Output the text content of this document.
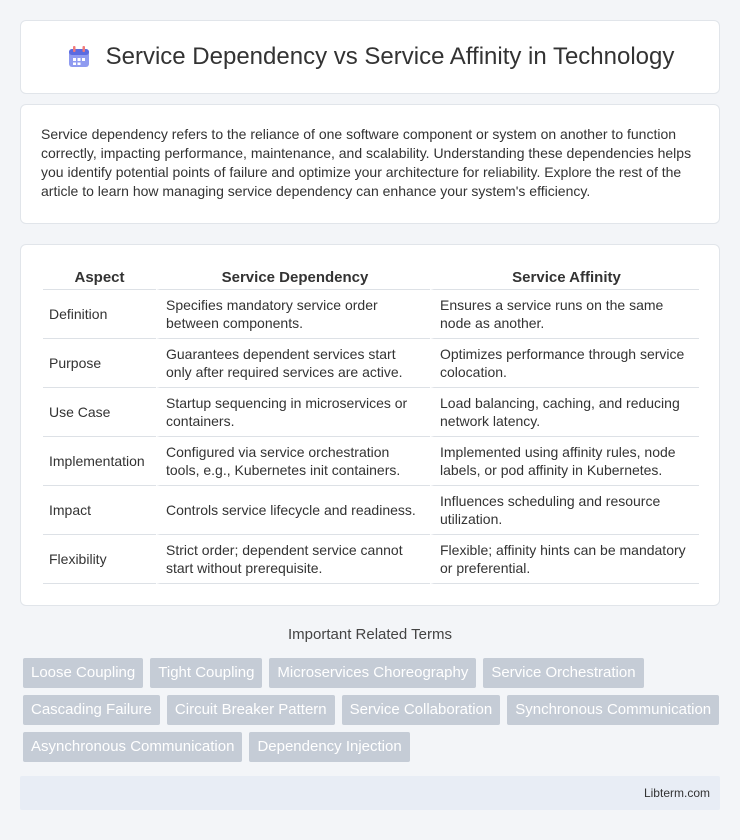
Service Dependency vs Service Affinity in Technology

Service dependency refers to the reliance of one software component or system on another to function correctly, impacting performance, maintenance, and scalability. Understanding these dependencies helps you identify potential points of failure and optimize your architecture for reliability. Explore the rest of the article to learn how managing service dependency can enhance your system's efficiency.

Aspect	Service Dependency	Service Affinity
Definition	Specifies mandatory service order between components.	Ensures a service runs on the same node as another.
Purpose	Guarantees dependent services start only after required services are active.	Optimizes performance through service colocation.
Use Case	Startup sequencing in microservices or containers.	Load balancing, caching, and reducing network latency.
Implementation	Configured via service orchestration tools, e.g., Kubernetes init containers.	Implemented using affinity rules, node labels, or pod affinity in Kubernetes.
Impact	Controls service lifecycle and readiness.	Influences scheduling and resource utilization.
Flexibility	Strict order; dependent service cannot start without prerequisite.	Flexible; affinity hints can be mandatory or preferential.
Important Related Terms
Loose Coupling	Tight Coupling	Microservices Choreography	Service Orchestration
Cascading Failure	Circuit Breaker Pattern	Service Collaboration	Synchronous Communication
Asynchronous Communication	Dependency Injection
Libterm.com
